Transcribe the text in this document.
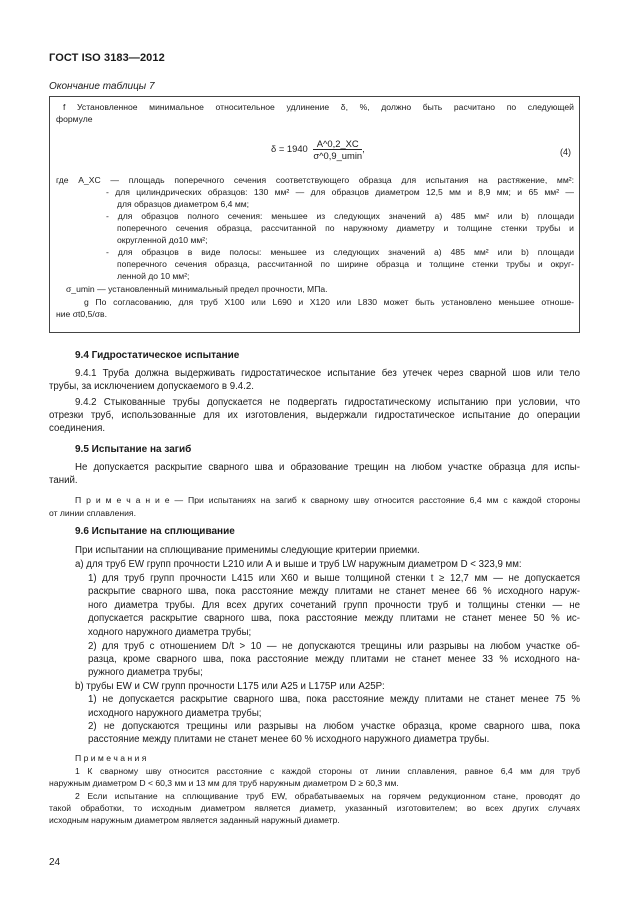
ГОСТ ISO 3183—2012
Окончание таблицы 7
f Установленное минимальное относительное удлинение δ, %, должно быть расчитано по следующей
формуле
$\delta = 1940 \frac{A\^{}0,2\_XC}{\sigma\^{}0,9\_umin}$ ,	(4)
где A_XC — площадь поперечного сечения соответствующего образца для испытания на растяжение, мм²:
- для цилиндрических образцов: 130 мм² — для образцов диаметром 12,5 мм и 8,9 мм; и 65 мм² —
для образцов диаметром 6,4 мм;
- для образцов полного сечения: меньшее из следующих значений а) 485 мм² или b) площади
поперечного сечения образца, рассчитанной по наружному диаметру и толщине стенки трубы и
округленной до10 мм²;
- для образцов в виде полосы: меньшее из следующих значений а) 485 мм² или b) площади
поперечного сечения образца, рассчитанной по ширине образца и толщине стенки трубы и округ-
ленной до 10 мм²;
σ_umin — установленный минимальный предел прочности, МПа.
g По согласованию, для труб Х100 или L690 и Х120 или L830 может быть установлено меньшее отноше-
ние σt0,5/σв.
9.4 Гидростатическое испытание
9.4.1 Труба должна выдерживать гидростатическое испытание без утечек через сварной шов или тело
трубы, за исключением допускаемого в 9.4.2.
9.4.2 Стыкованные трубы допускается не подвергать гидростатическому испытанию при условии, что
отрезки труб, использованные для их изготовления, выдержали гидростатическое испытание до операции
соединения.
9.5 Испытание на загиб
Не допускается раскрытие сварного шва и образование трещин на любом участке образца для испы-
таний.
П р и м е ч а н и е — При испытаниях на загиб к сварному шву относится расстояние 6,4 мм с каждой стороны
от линии сплавления.
9.6 Испытание на сплющивание
При испытании на сплющивание применимы следующие критерии приемки.
a) для труб EW групп прочности L210 или А и выше и труб LW наружным диаметром D < 323,9 мм:
1) для труб групп прочности L415 или Х60 и выше толщиной стенки t ≥ 12,7 мм — не допускается
раскрытие сварного шва, пока расстояние между плитами не станет менее 66 % исходного наруж-
ного диаметра трубы. Для всех других сочетаний групп прочности труб и толщины стенки — не
допускается раскрытие сварного шва, пока расстояние между плитами не станет менее 50 % ис-
ходного наружного диаметра трубы;
2) для труб с отношением D/t > 10 — не допускаются трещины или разрывы на любом участке об-
разца, кроме сварного шва, пока расстояние между плитами не станет менее 33 % исходного на-
ружного диаметра трубы;
b) трубы EW и CW групп прочности L175 или А25 и L175P или А25P:
1) не допускается раскрытие сварного шва, пока расстояние между плитами не станет менее 75 %
исходного наружного диаметра трубы;
2) не допускаются трещины или разрывы на любом участке образца, кроме сварного шва, пока
расстояние между плитами не станет менее 60 % исходного наружного диаметра трубы.
П р и м е ч а н и я
1 К сварному шву относится расстояние с каждой стороны от линии сплавления, равное 6,4 мм для труб
наружным диаметром D < 60,3 мм и 13 мм для труб наружным диаметром D ≥ 60,3 мм.
2 Если испытание на сплющивание труб EW, обрабатываемых на горячем редукционном стане, проводят до
такой обработки, то исходным диаметром является диаметр, указанный изготовителем; во всех других случаях
исходным наружным диаметром является заданный наружный диаметр.
24
